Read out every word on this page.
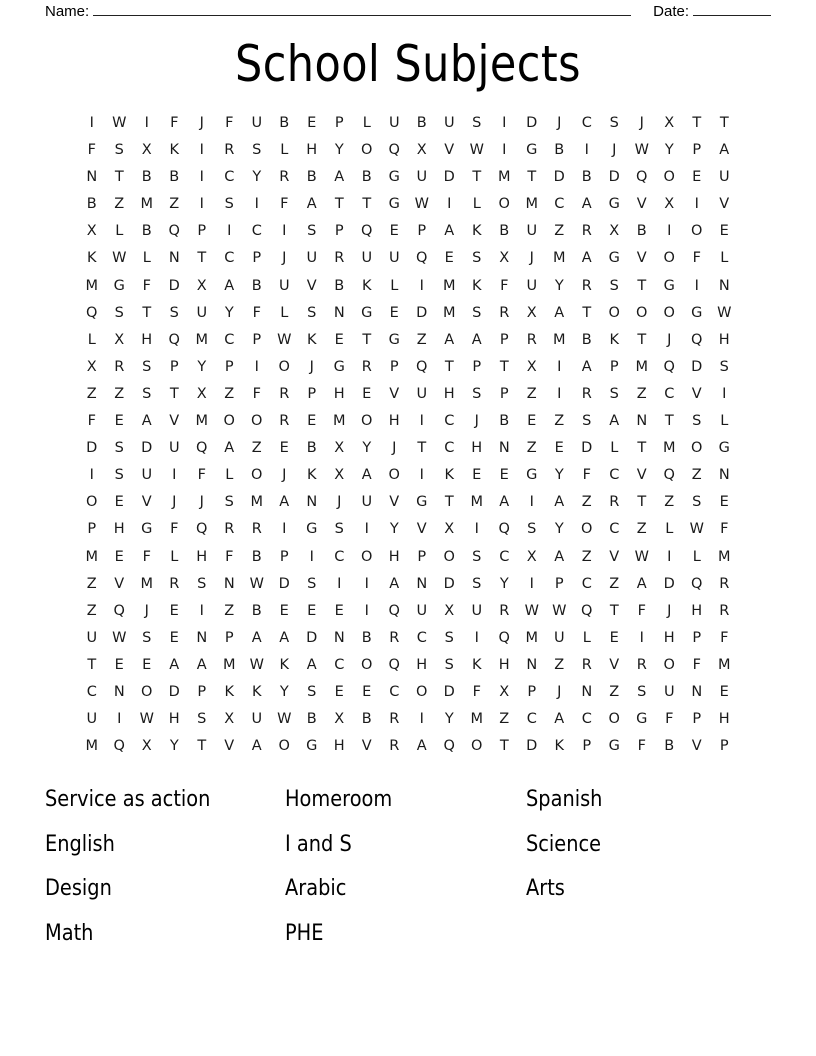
Name:	Date:
School Subjects
I	W	I	F	J	F	U	B	E	P	L	U	B	U	S	I	D	J	C	S	J	X	T	T
F	S	X	K	I	R	S	L	H	Y	O	Q	X	V	W	I	G	B	I	J	W	Y	P	A
N	T	B	B	I	C	Y	R	B	A	B	G	U	D	T	M	T	D	B	D	Q	O	E	U
B	Z	M	Z	I	S	I	F	A	T	T	G	W	I	L	O	M	C	A	G	V	X	I	V
X	L	B	Q	P	I	C	I	S	P	Q	E	P	A	K	B	U	Z	R	X	B	I	O	E
K	W	L	N	T	C	P	J	U	R	U	U	Q	E	S	X	J	M	A	G	V	O	F	L
M	G	F	D	X	A	B	U	V	B	K	L	I	M	K	F	U	Y	R	S	T	G	I	N
Q	S	T	S	U	Y	F	L	S	N	G	E	D	M	S	R	X	A	T	O	O	O	G	W
L	X	H	Q	M	C	P	W	K	E	T	G	Z	A	A	P	R	M	B	K	T	J	Q	H
X	R	S	P	Y	P	I	O	J	G	R	P	Q	T	P	T	X	I	A	P	M	Q	D	S
Z	Z	S	T	X	Z	F	R	P	H	E	V	U	H	S	P	Z	I	R	S	Z	C	V	I
F	E	A	V	M	O	O	R	E	M	O	H	I	C	J	B	E	Z	S	A	N	T	S	L
D	S	D	U	Q	A	Z	E	B	X	Y	J	T	C	H	N	Z	E	D	L	T	M	O	G
I	S	U	I	F	L	O	J	K	X	A	O	I	K	E	E	G	Y	F	C	V	Q	Z	N
O	E	V	J	J	S	M	A	N	J	U	V	G	T	M	A	I	A	Z	R	T	Z	S	E
P	H	G	F	Q	R	R	I	G	S	I	Y	V	X	I	Q	S	Y	O	C	Z	L	W	F
M	E	F	L	H	F	B	P	I	C	O	H	P	O	S	C	X	A	Z	V	W	I	L	M
Z	V	M	R	S	N	W	D	S	I	I	A	N	D	S	Y	I	P	C	Z	A	D	Q	R
Z	Q	J	E	I	Z	B	E	E	E	I	Q	U	X	U	R	W W	Q	T	F	J	H	R
U	W	S	E	N	P	A	A	D	N	B	R	C	S	I	Q	M	U	L	E	I	H	P	F
T	E	E	A	A	M W	K	A	C	O	Q	H	S	K	H	N	Z	R	V	R	O	F	M
C	N	O	D	P	K	K	Y	S	E	E	C	O	D	F	X	P	J	N	Z	S	U	N	E
U	I	W	H	S	X	U	W	B	X	B	R	I	Y	M	Z	C	A	C	O	G	F	P	H
M	Q	X	Y	T	V	A	O	G	H	V	R	A	Q	O	T	D	K	P	G	F	B	V	P
Service as action	Homeroom	Spanish
English	I and S	Science
Design	Arabic	Arts
Math	PHE
